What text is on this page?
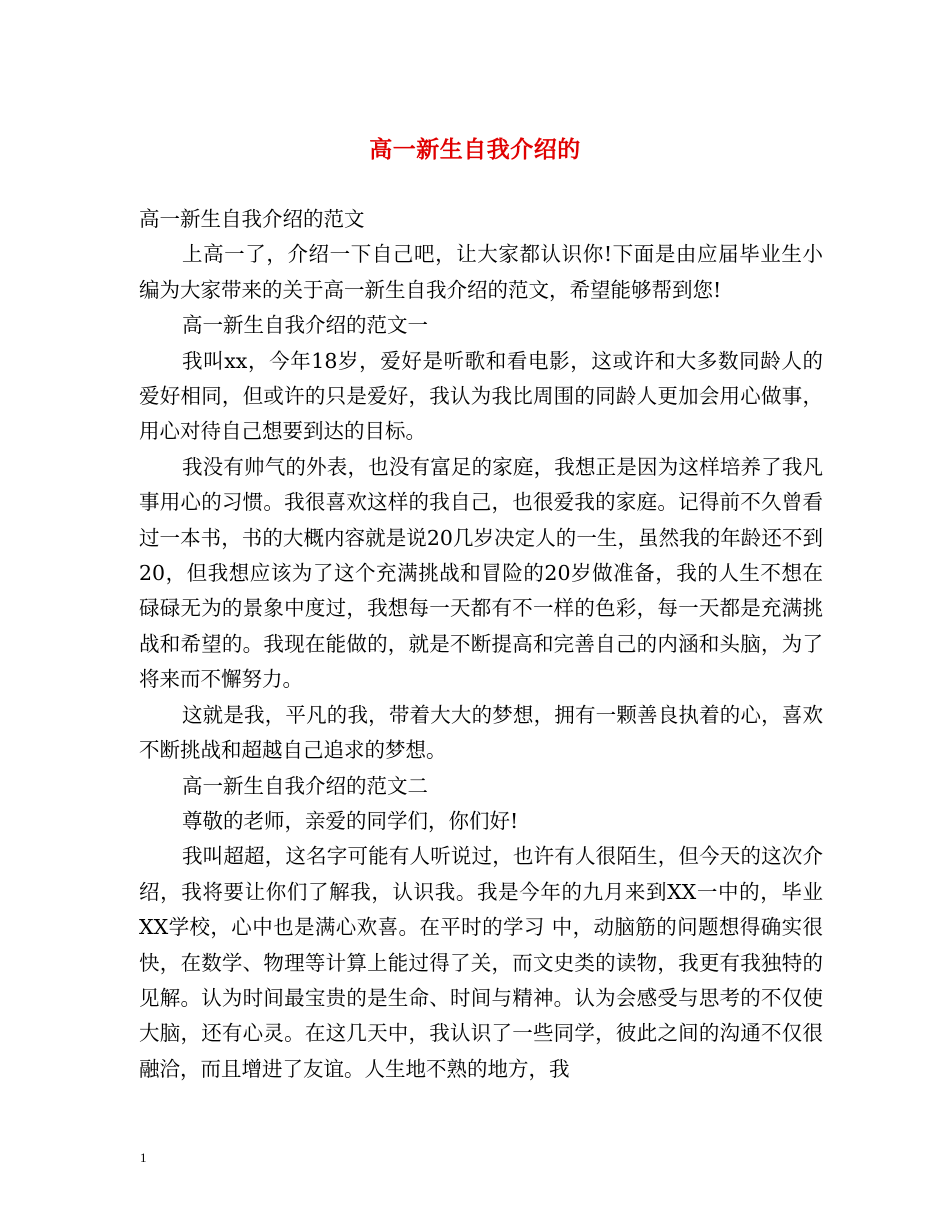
高一新生自我介绍的

高一新生自我介绍的范文

上高一了，介绍一下自己吧，让大家都认识你!下面是由应届毕业生小编为大家带来的关于高一新生自我介绍的范文，希望能够帮到您!

高一新生自我介绍的范文一

我叫xx，今年18岁，爱好是听歌和看电影，这或许和大多数同龄人的爱好相同，但或许的只是爱好，我认为我比周围的同龄人更加会用心做事，用心对待自己想要到达的目标。

我没有帅气的外表，也没有富足的家庭，我想正是因为这样培养了我凡事用心的习惯。我很喜欢这样的我自己，也很爱我的家庭。记得前不久曾看过一本书，书的大概内容就是说20几岁决定人的一生，虽然我的年龄还不到20，但我想应该为了这个充满挑战和冒险的20岁做准备，我的人生不想在碌碌无为的景象中度过，我想每一天都有不一样的色彩，每一天都是充满挑战和希望的。我现在能做的，就是不断提高和完善自己的内涵和头脑，为了将来而不懈努力。

这就是我，平凡的我，带着大大的梦想，拥有一颗善良执着的心，喜欢不断挑战和超越自己追求的梦想。

高一新生自我介绍的范文二

尊敬的老师，亲爱的同学们，你们好!

我叫超超，这名字可能有人听说过，也许有人很陌生，但今天的这次介绍，我将要让你们了解我，认识我。我是今年的九月来到XX一中的，毕业XX学校，心中也是满心欢喜。在平时的学习 中，动脑筋的问题想得确实很快，在数学、物理等计算上能过得了关，而文史类的读物，我更有我独特的见解。认为时间最宝贵的是生命、时间与精神。认为会感受与思考的不仅使大脑，还有心灵。在这几天中，我认识了一些同学，彼此之间的沟通不仅很融洽，而且增进了友谊。人生地不熟的地方，我

1
